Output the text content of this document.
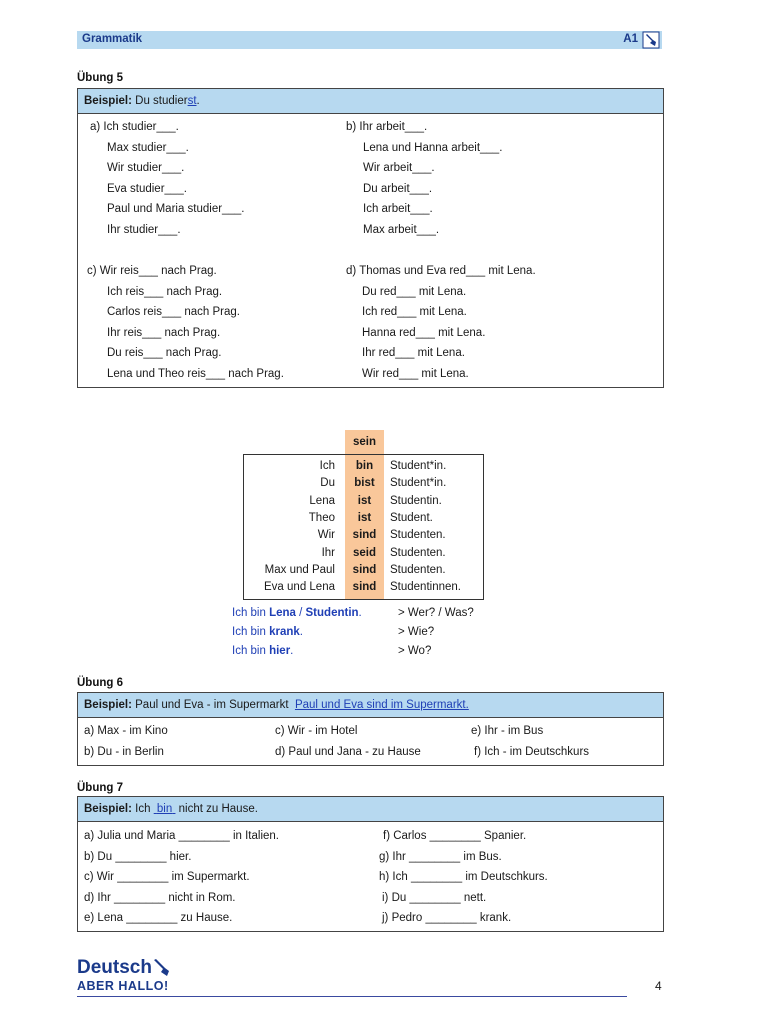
Grammatik	A1
Übung 5
Beispiel: Du studierst.
a) Ich studier___.
Max studier___.
Wir studier___.
Eva studier___.
Paul und Maria studier___.
Ihr studier___.
b) Ihr arbeit___.
Lena und Hanna arbeit___.
Wir arbeit___.
Du arbeit___.
Ich arbeit___.
Max arbeit___.
c) Wir reis___ nach Prag.
Ich reis___ nach Prag.
Carlos reis___ nach Prag.
Ihr reis___ nach Prag.
Du reis___ nach Prag.
Lena und Theo reis___ nach Prag.
d) Thomas und Eva red___ mit Lena.
Du red___ mit Lena.
Ich red___ mit Lena.
Hanna red___ mit Lena.
Ihr red___ mit Lena.
Wir red___ mit Lena.
sein
Ich	bin	Student*in.
Du	bist	Student*in.
Lena	ist	Studentin.
Theo	ist	Student.
Wir	sind	Studenten.
Ihr	seid	Studenten.
Max und Paul	sind	Studenten.
Eva und Lena	sind	Studentinnen.
Ich bin Lena / Studentin.	> Wer? / Was?
Ich bin krank.	> Wie?
Ich bin hier.	> Wo?
Übung 6
Beispiel: Paul und Eva - im Supermarkt Paul und Eva sind im Supermarkt.
a) Max - im Kino
b) Du - in Berlin
c) Wir - im Hotel
d) Paul und Jana - zu Hause
e) Ihr - im Bus
f) Ich - im Deutschkurs
Übung 7
Beispiel: Ich bin nicht zu Hause.
a) Julia und Maria ________ in Italien.
b) Du ________ hier.
c) Wir ________ im Supermarkt.
d) Ihr ________ nicht in Rom.
e) Lena ________ zu Hause.
f) Carlos ________ Spanier.
g) Ihr ________ im Bus.
h) Ich ________ im Deutschkurs.
i) Du ________ nett.
j) Pedro ________ krank.
Deutsch
ABER HALLO!	4
